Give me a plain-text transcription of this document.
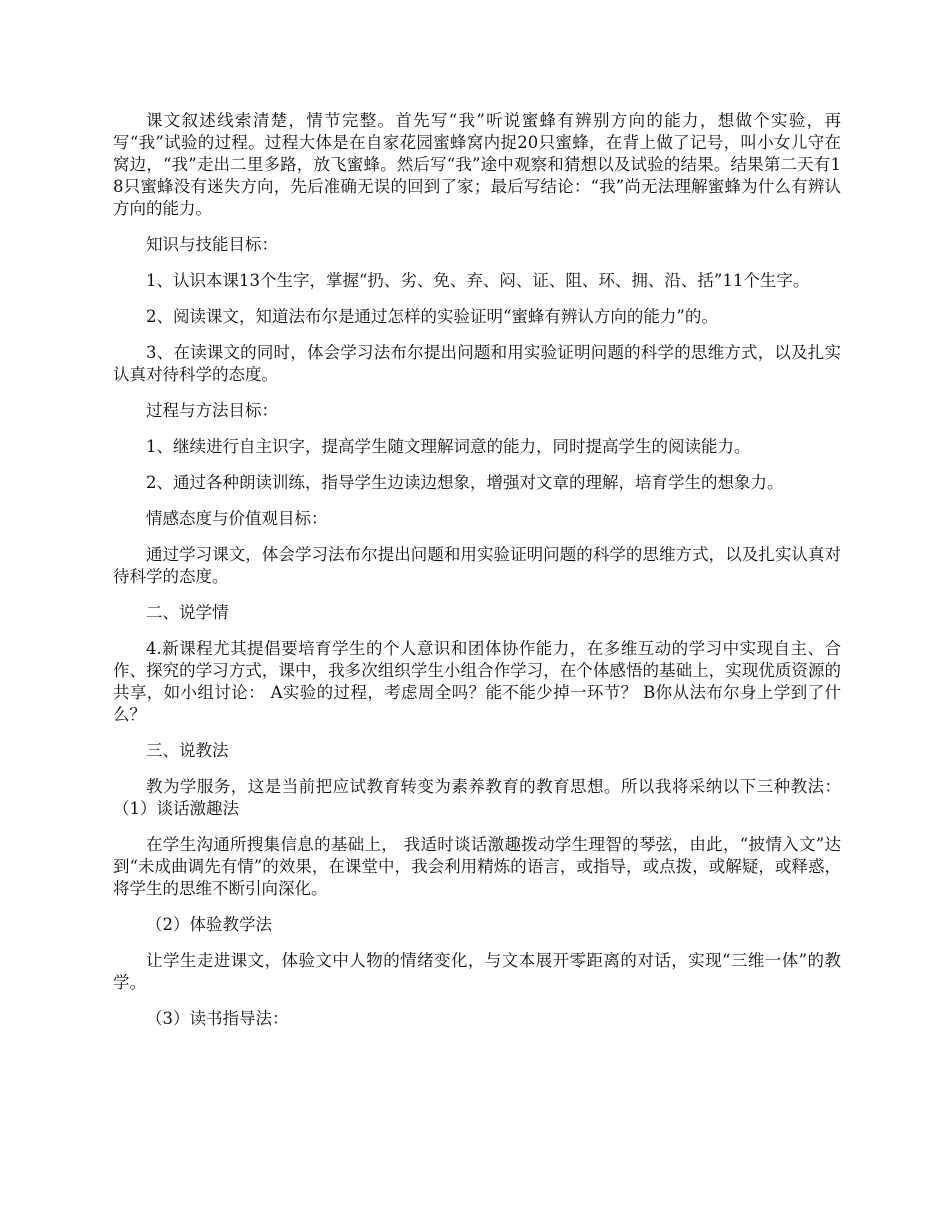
课文叙述线索清楚，情节完整。首先写“我”听说蜜蜂有辨别方向的能力，想做个实验，再写“我”试验的过程。过程大体是在自家花园蜜蜂窝内捉20只蜜蜂，在背上做了记号，叫小女儿守在窝边，“我”走出二里多路，放飞蜜蜂。然后写“我”途中观察和猜想以及试验的结果。结果第二天有18只蜜蜂没有迷失方向，先后准确无误的回到了家；最后写结论：“我”尚无法理解蜜蜂为什么有辨认方向的能力。

知识与技能目标：

1、认识本课13个生字，掌握“扔、劣、免、弃、闷、证、阻、环、拥、沿、括”11个生字。

2、阅读课文，知道法布尔是通过怎样的实验证明“蜜蜂有辨认方向的能力”的。

3、在读课文的同时，体会学习法布尔提出问题和用实验证明问题的科学的思维方式，以及扎实认真对待科学的态度。

过程与方法目标：

1、继续进行自主识字，提高学生随文理解词意的能力，同时提高学生的阅读能力。

2、通过各种朗读训练，指导学生边读边想象，增强对文章的理解，培育学生的想象力。

情感态度与价值观目标：

通过学习课文，体会学习法布尔提出问题和用实验证明问题的科学的思维方式，以及扎实认真对待科学的态度。

二、说学情

4.新课程尤其提倡要培育学生的个人意识和团体协作能力，在多维互动的学习中实现自主、合作、探究的学习方式，课中，我多次组织学生小组合作学习，在个体感悟的基础上，实现优质资源的共享，如小组讨论： A实验的过程，考虑周全吗？能不能少掉一环节？ B你从法布尔身上学到了什么？

三、说教法

教为学服务，这是当前把应试教育转变为素养教育的教育思想。所以我将采纳以下三种教法：（1）谈话激趣法

在学生沟通所搜集信息的基础上， 我适时谈话激趣拨动学生理智的琴弦，由此，“披情入文”达到“未成曲调先有情”的效果，在课堂中，我会利用精炼的语言，或指导，或点拨，或解疑，或释惑，将学生的思维不断引向深化。

（2）体验教学法

让学生走进课文，体验文中人物的情绪变化，与文本展开零距离的对话，实现“三维一体”的教学。

（3）读书指导法：
